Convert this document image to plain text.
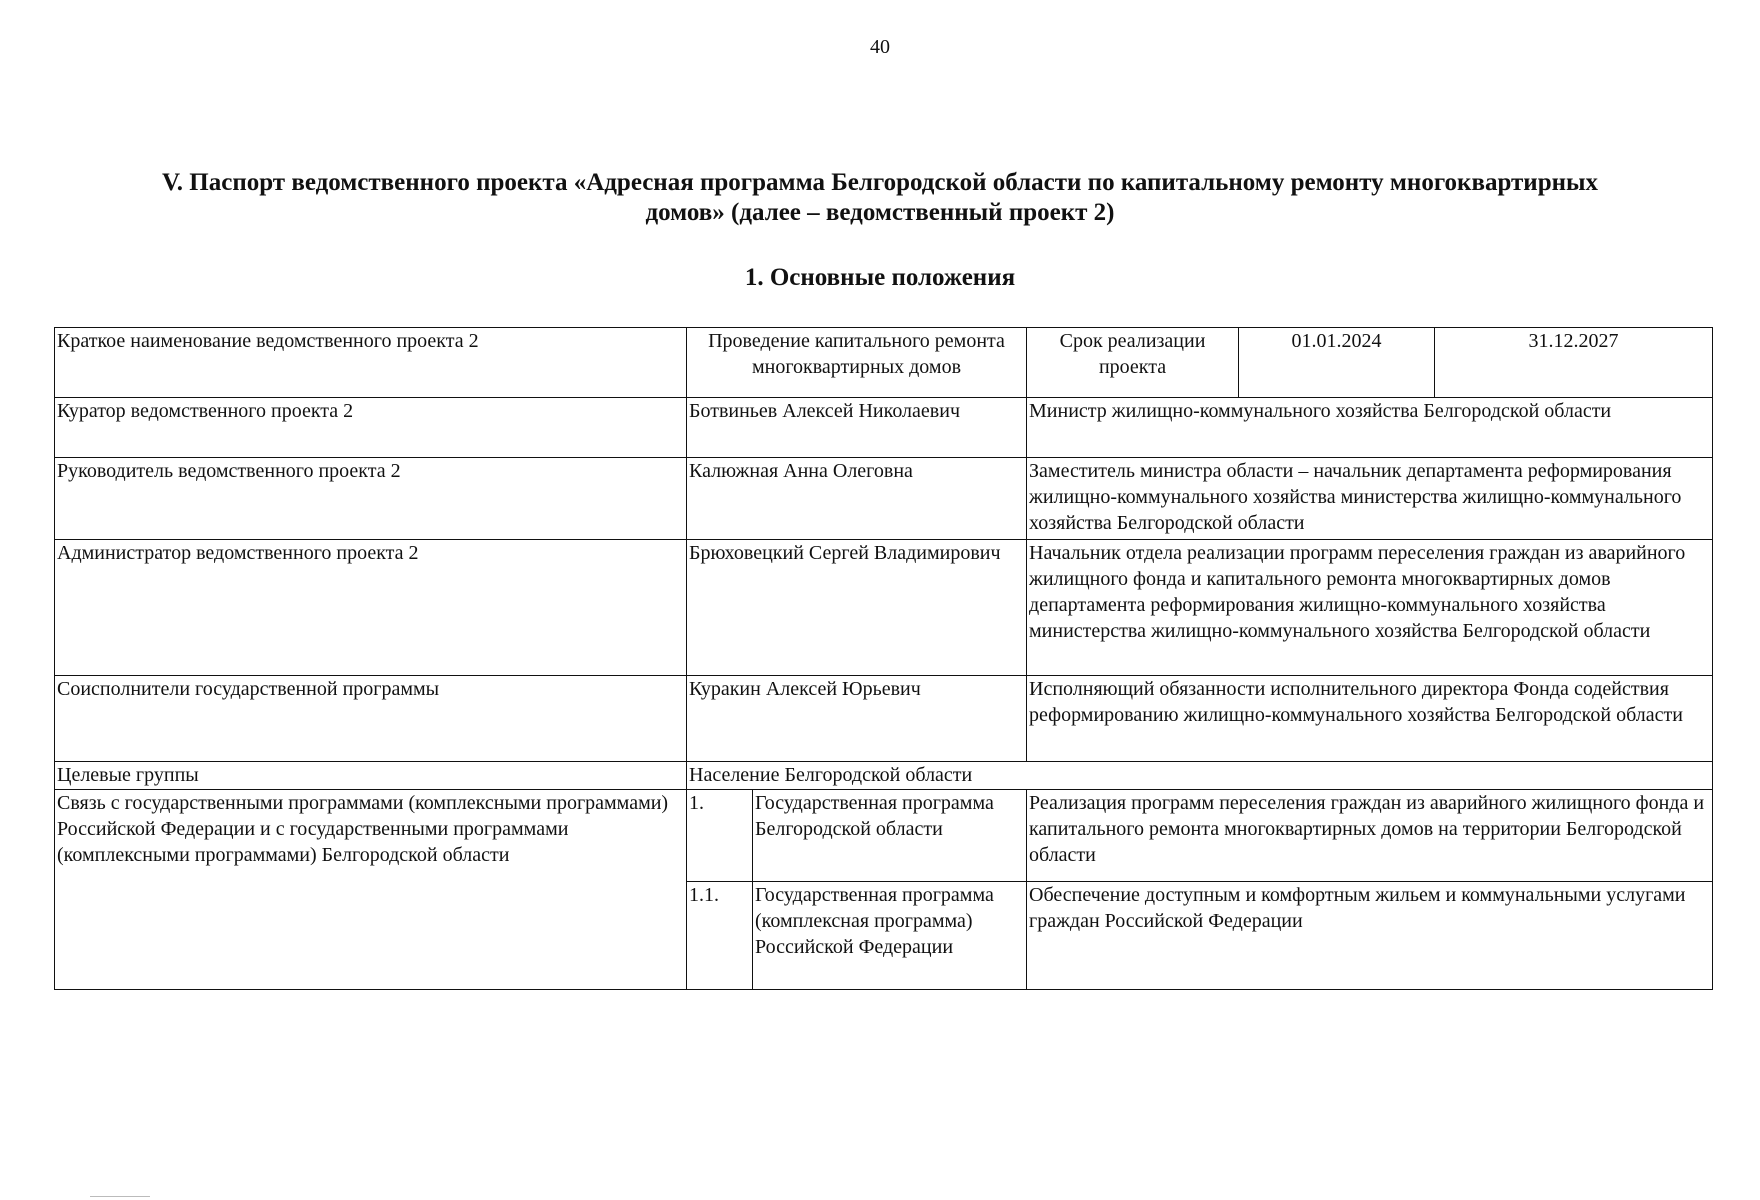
40
V. Паспорт ведомственного проекта «Адресная программа Белгородской области по капитальному ремонту многоквартирных
домов» (далее – ведомственный проект 2)
1. Основные положения
Краткое наименование ведомственного проекта 2	Проведение капитального ремонта многоквартирных домов		Срок реализации проекта	01.01.2024	31.12.2027
Куратор ведомственного проекта 2	Ботвиньев Алексей Николаевич		Министр жилищно-коммунального хозяйства Белгородской области		
Руководитель ведомственного проекта 2	Калюжная Анна Олеговна		Заместитель министра области – начальник департамента реформирования жилищно-коммунального хозяйства министерства жилищно-коммунального хозяйства Белгородской области		
Администратор ведомственного проекта 2	Брюховецкий Сергей Владимирович		Начальник отдела реализации программ переселения граждан из аварийного жилищного фонда и капитального ремонта многоквартирных домов департамента реформирования жилищно-коммунального хозяйства министерства жилищно-коммунального хозяйства Белгородской области		
Соисполнители государственной программы	Куракин Алексей Юрьевич		Исполняющий обязанности исполнительного директора Фонда содействия реформированию жилищно-коммунального хозяйства Белгородской области		
Целевые группы	Население Белгородской области				
Связь с государственными программами (комплексными программами) Российской Федерации и с государственными программами (комплексными программами) Белгородской области	1.	Государственная программа Белгородской области	Реализация программ переселения граждан из аварийного жилищного фонда и капитального ремонта многоквартирных домов на территории Белгородской области		
	1.1.	Государственная программа (комплексная программа) Российской Федерации	Обеспечение доступным и комфортным жильем и коммунальными услугами граждан Российской Федерации		
